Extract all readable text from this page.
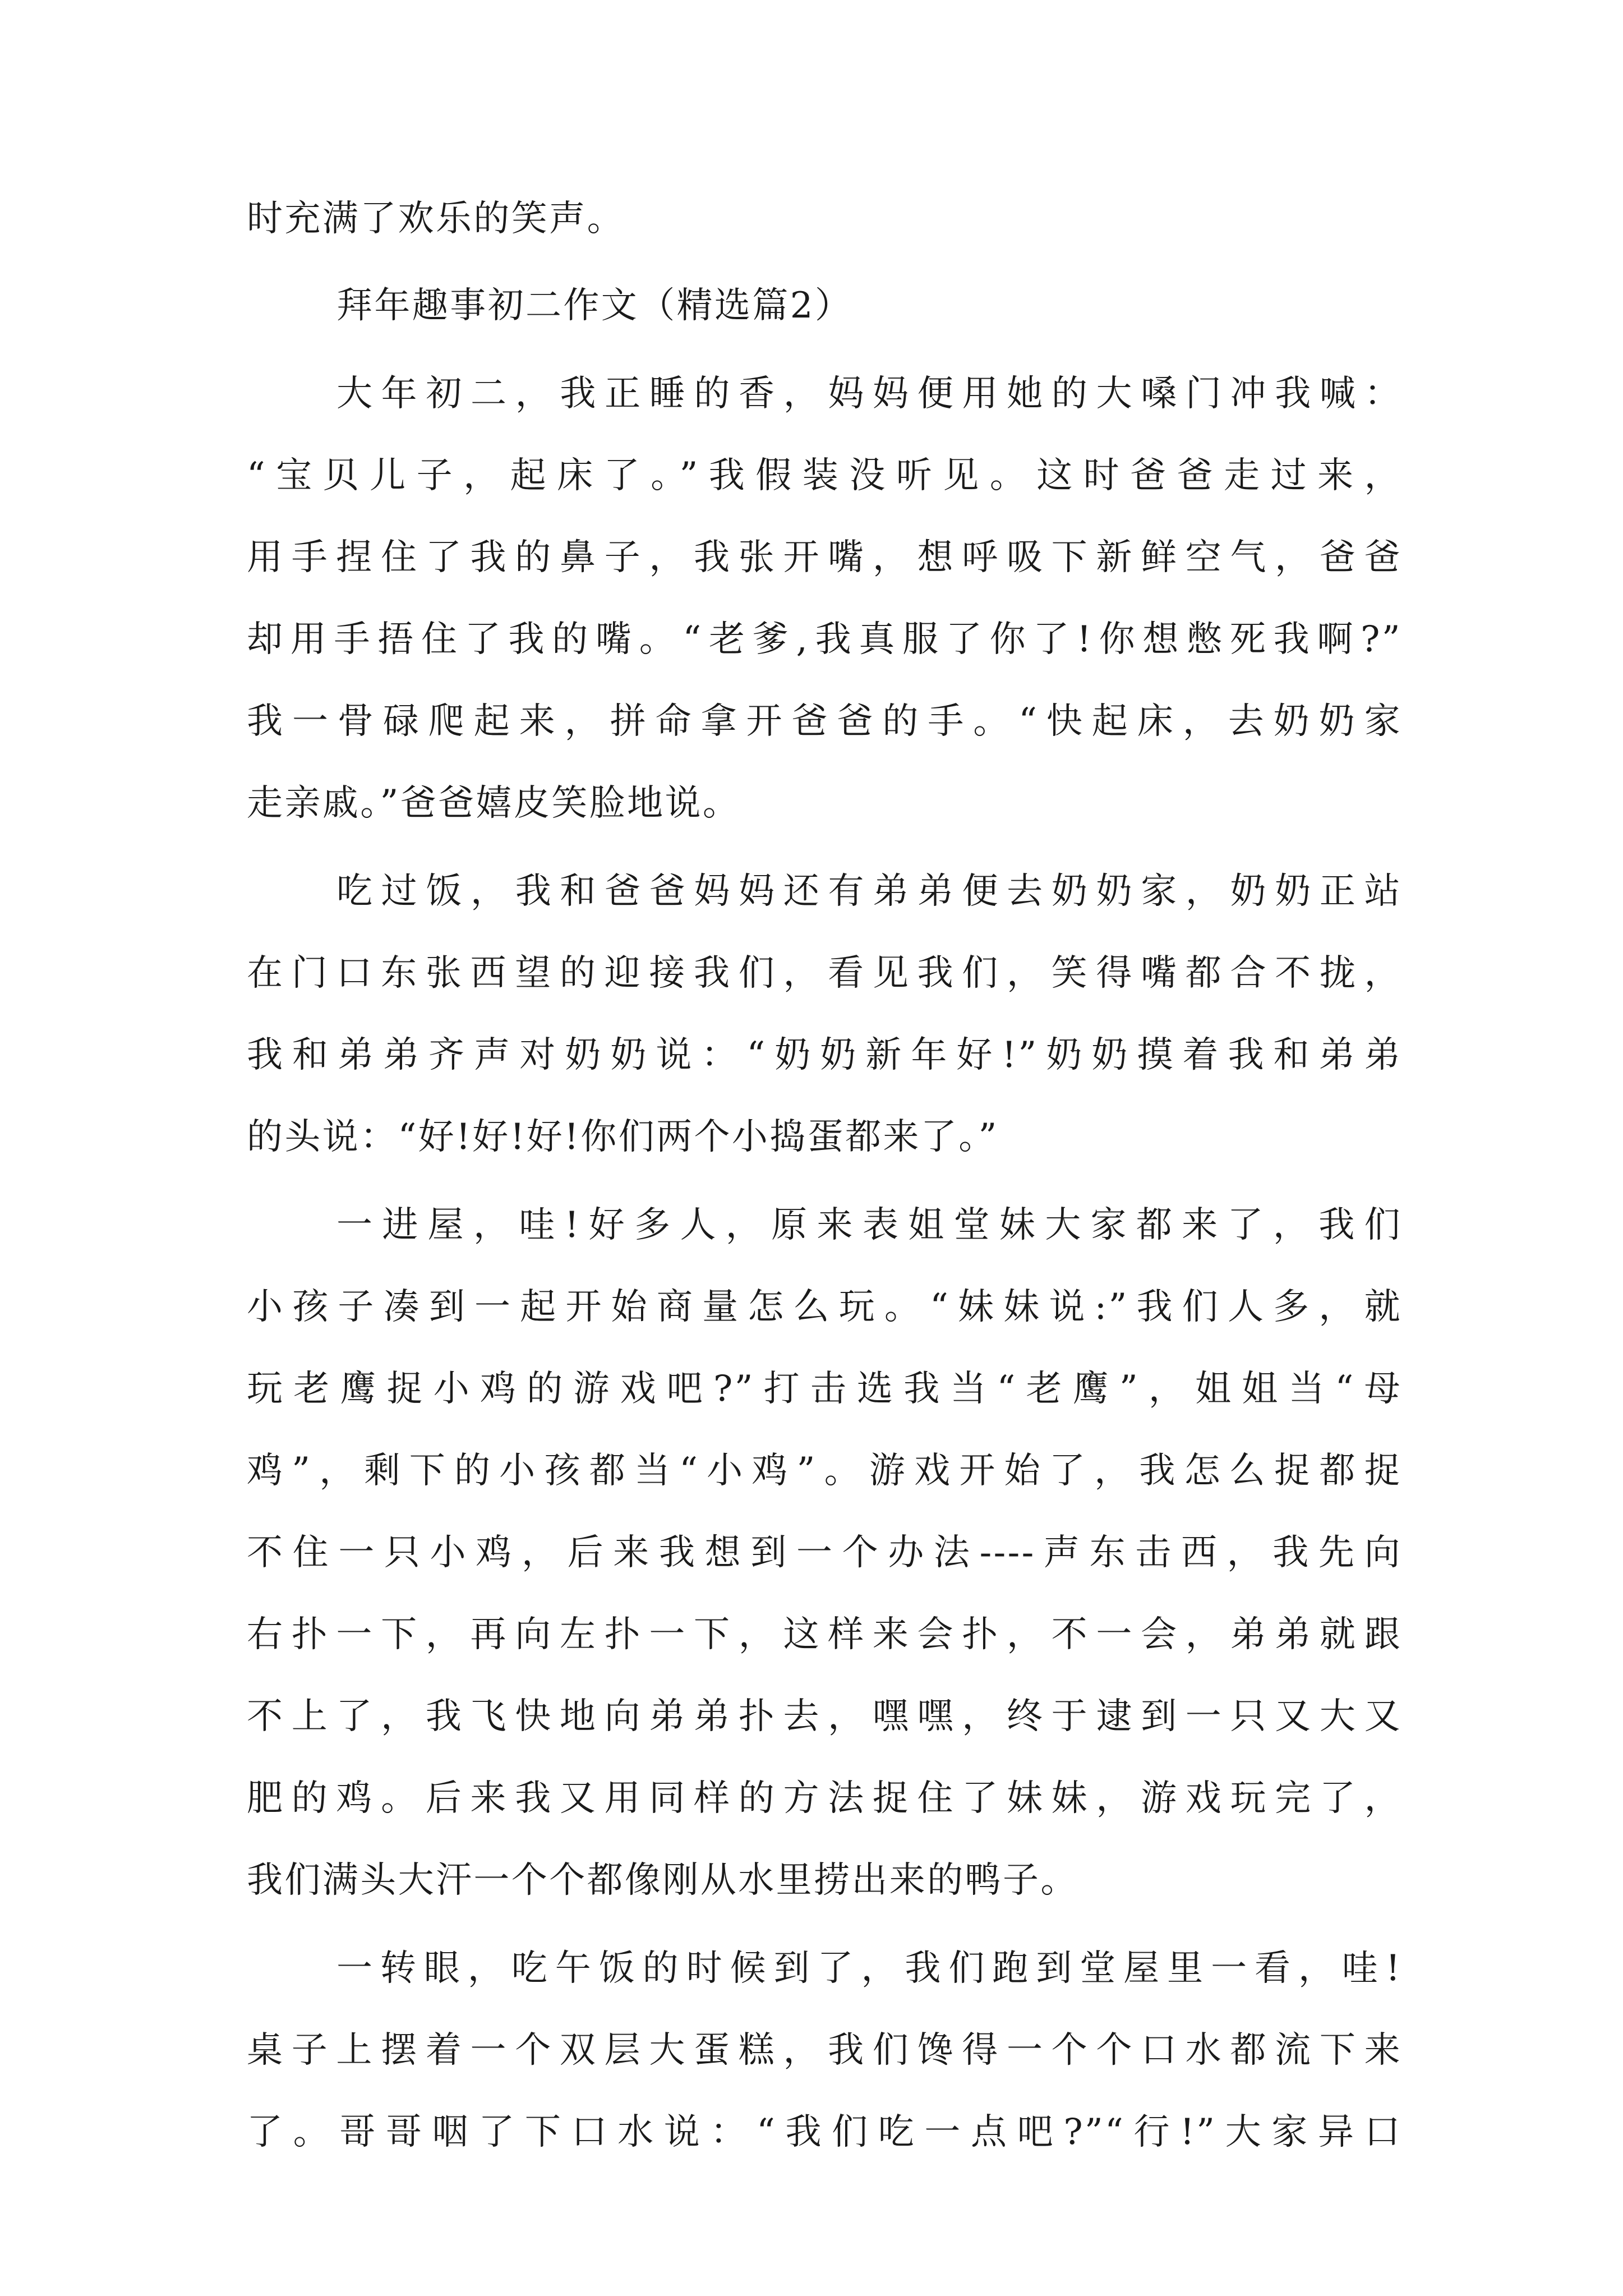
时充满了欢乐的笑声。
拜年趣事初二作文（精选篇2）
大年初二，我正睡的香，妈妈便用她的大嗓门冲我喊：
“宝贝儿子，起床了。”我假装没听见。这时爸爸走过来，
用手捏住了我的鼻子，我张开嘴，想呼吸下新鲜空气，爸爸
却用手捂住了我的嘴。“老爹,我真服了你了!你想憋死我啊?”
我一骨碌爬起来，拼命拿开爸爸的手。“快起床，去奶奶家
走亲戚。”爸爸嬉皮笑脸地说。
吃过饭，我和爸爸妈妈还有弟弟便去奶奶家，奶奶正站
在门口东张西望的迎接我们，看见我们，笑得嘴都合不拢，
我和弟弟齐声对奶奶说：“奶奶新年好!”奶奶摸着我和弟弟
的头说：“好!好!好!你们两个小捣蛋都来了。”
一进屋，哇!好多人，原来表姐堂妹大家都来了，我们
小孩子凑到一起开始商量怎么玩。“妹妹说:”我们人多，就
玩老鹰捉小鸡的游戏吧?”打击选我当“老鹰”，姐姐当“母
鸡”，剩下的小孩都当“小鸡”。游戏开始了，我怎么捉都捉
不住一只小鸡，后来我想到一个办法----声东击西，我先向
右扑一下，再向左扑一下，这样来会扑，不一会，弟弟就跟
不上了，我飞快地向弟弟扑去，嘿嘿，终于逮到一只又大又
肥的鸡。后来我又用同样的方法捉住了妹妹，游戏玩完了，
我们满头大汗一个个都像刚从水里捞出来的鸭子。
一转眼，吃午饭的时候到了，我们跑到堂屋里一看，哇!
桌子上摆着一个双层大蛋糕，我们馋得一个个口水都流下来
了。哥哥咽了下口水说：“我们吃一点吧?”“行!”大家异口
